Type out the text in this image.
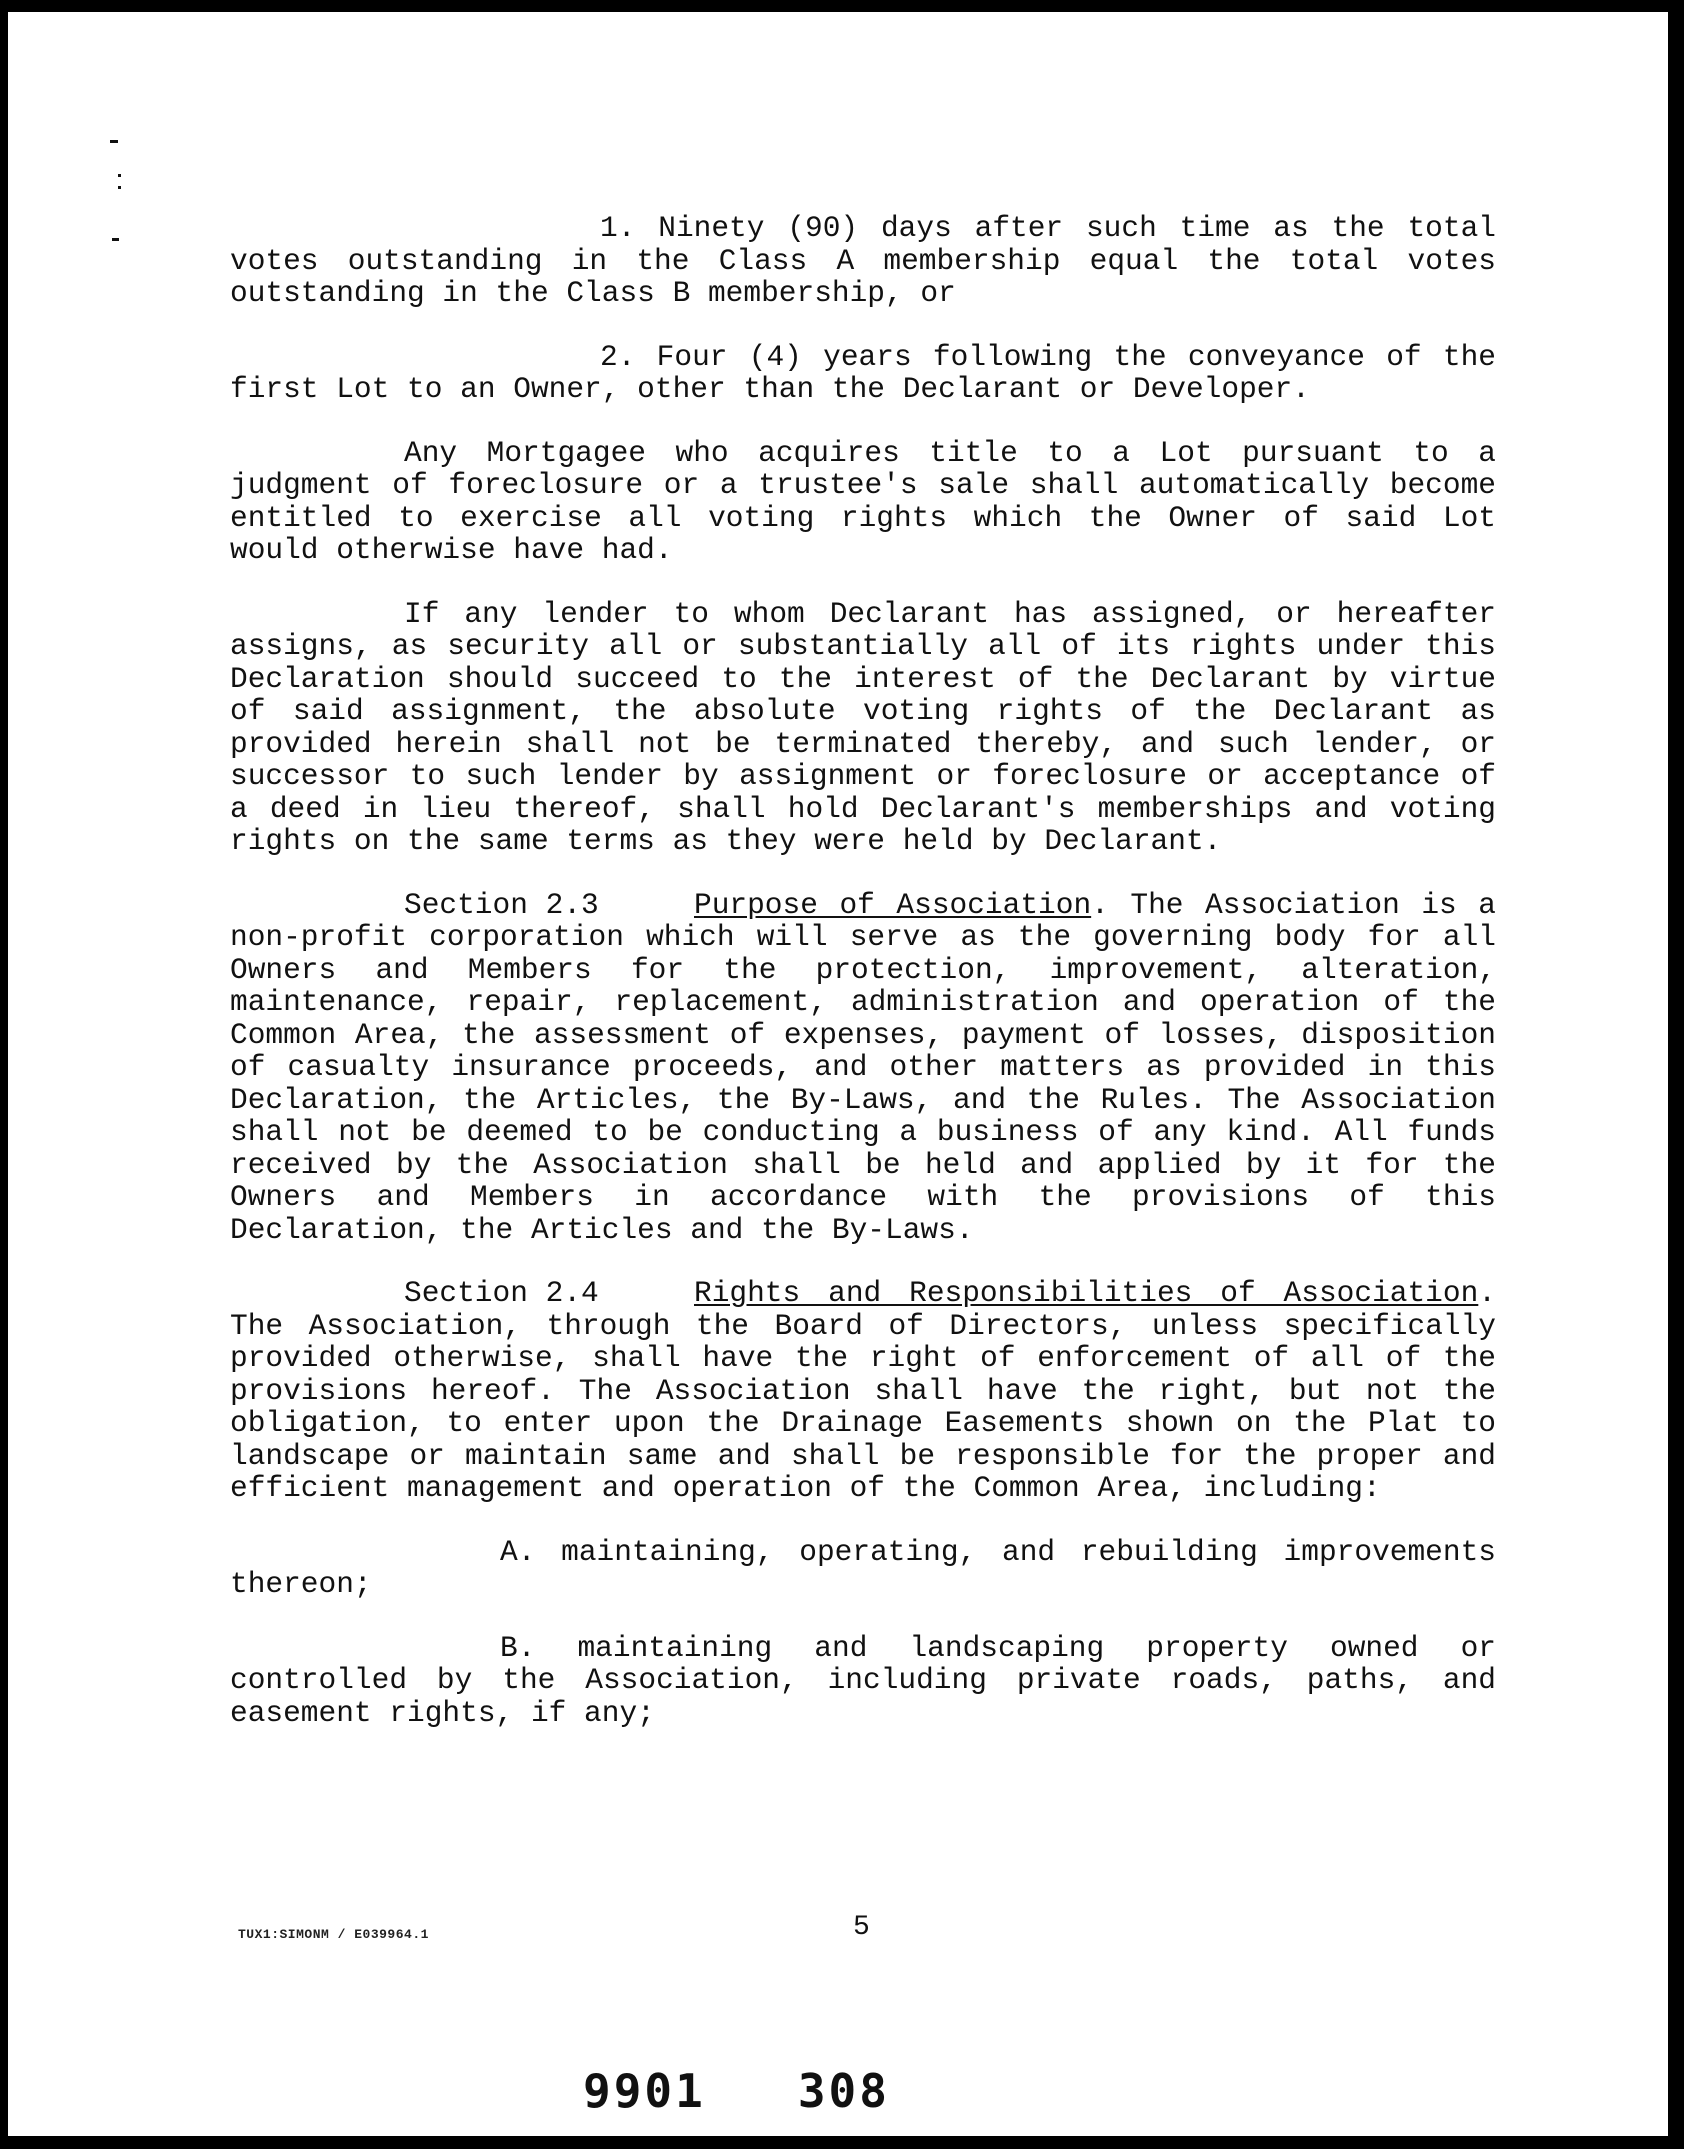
1. Ninety (90) days after such time as the total votes outstanding in the Class A membership equal the total votes outstanding in the Class B membership, or

2. Four (4) years following the conveyance of the first Lot to an Owner, other than the Declarant or Developer.

Any Mortgagee who acquires title to a Lot pursuant to a judgment of foreclosure or a trustee's sale shall automatically become entitled to exercise all voting rights which the Owner of said Lot would otherwise have had.

If any lender to whom Declarant has assigned, or hereafter assigns, as security all or substantially all of its rights under this Declaration should succeed to the interest of the Declarant by virtue of said assignment, the absolute voting rights of the Declarant as provided herein shall not be terminated thereby, and such lender, or successor to such lender by assignment or foreclosure or acceptance of a deed in lieu thereof, shall hold Declarant's memberships and voting rights on the same terms as they were held by Declarant.

Section 2.3	Purpose of Association. The Association is a non-profit corporation which will serve as the governing body for all Owners and Members for the protection, improvement, alteration, maintenance, repair, replacement, administration and operation of the Common Area, the assessment of expenses, payment of losses, disposition of casualty insurance proceeds, and other matters as provided in this Declaration, the Articles, the By-Laws, and the Rules. The Association shall not be deemed to be conducting a business of any kind. All funds received by the Association shall be held and applied by it for the Owners and Members in accordance with the provisions of this Declaration, the Articles and the By-Laws.

Section 2.4	Rights and Responsibilities of Association. The Association, through the Board of Directors, unless specifically provided otherwise, shall have the right of enforcement of all of the provisions hereof. The Association shall have the right, but not the obligation, to enter upon the Drainage Easements shown on the Plat to landscape or maintain same and shall be responsible for the proper and efficient management and operation of the Common Area, including:

A. maintaining, operating, and rebuilding improvements thereon;

B. maintaining and landscaping property owned or controlled by the Association, including private roads, paths, and easement rights, if any;

TUX1:SIMONM / E039964.1	5
9901   308
